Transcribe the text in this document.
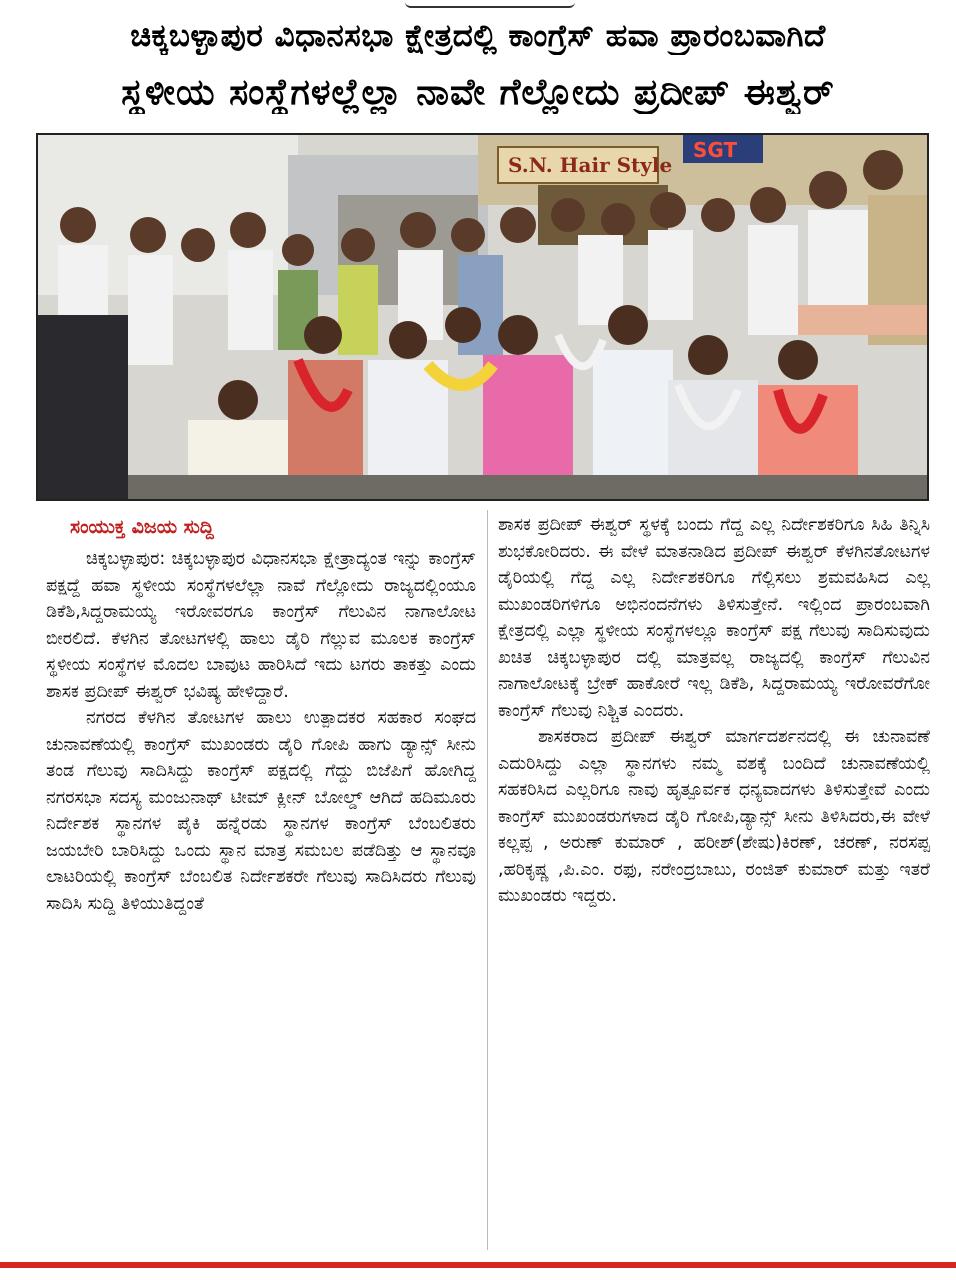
ಚಿಕ್ಕಬಳ್ಳಾಪುರ ವಿಧಾನಸಭಾ ಕ್ಷೇತ್ರದಲ್ಲಿ ಕಾಂಗ್ರೆಸ್ ಹವಾ ಪ್ರಾರಂಬವಾಗಿದೆ
ಸ್ಥಳೀಯ ಸಂಸ್ಥೆಗಳಲ್ಲೆಲ್ಲಾ ನಾವೇ ಗೆಲ್ಲೋದು ಪ್ರದೀಪ್ ಈಶ್ವರ್
S.N. Hair Style
SGT
ಸಂಯುಕ್ತ ವಿಜಯ ಸುದ್ದಿ

ಚಿಕ್ಕಬಳ್ಳಾಪುರ: ಚಿಕ್ಕಬಳ್ಳಾಪುರ ವಿಧಾನಸಭಾ ಕ್ಷೇತ್ರಾದ್ಯಂತ ಇನ್ನು ಕಾಂಗ್ರೆಸ್ ಪಕ್ಷದ್ದೆ ಹವಾ ಸ್ಥಳೀಯ ಸಂಸ್ಥೆಗಳಲೆಲ್ಲಾ ನಾವೆ ಗೆಲ್ಲೋದು ರಾಜ್ಯದಲ್ಲಿಂಯೂ ಡಿಕೆಶಿ,ಸಿದ್ದರಾಮಯ್ಯ ಇರೋವರಗೂ ಕಾಂಗ್ರೆಸ್ ಗೆಲುವಿನ ನಾಗಾಲೋಟ ಬೀರಲಿದೆ. ಕೆಳಗಿನ ತೋಟಗಳಲ್ಲಿ ಹಾಲು ಡೈರಿ ಗೆಲ್ಲುವ ಮೂಲಕ ಕಾಂಗ್ರೆಸ್ ಸ್ಥಳೀಯ ಸಂಸ್ಥೆಗಳ ಮೊದಲ ಬಾವುಟ ಹಾರಿಸಿದೆ ಇದು ಟಗರು ತಾಕತ್ತು ಎಂದು ಶಾಸಕ ಪ್ರದೀಪ್ ಈಶ್ವರ್ ಭವಿಷ್ಯ ಹೇಳಿದ್ದಾರೆ.

ನಗರದ ಕೆಳಗಿನ ತೋಟಗಳ ಹಾಲು ಉತ್ಪಾದಕರ ಸಹಕಾರ ಸಂಘದ ಚುನಾವಣೆಯಲ್ಲಿ ಕಾಂಗ್ರೆಸ್ ಮುಖಂಡರು ಡೈರಿ ಗೋಪಿ ಹಾಗು ಡ್ಯಾನ್ಸ್ ಸೀನು ತಂಡ ಗೆಲುವು ಸಾದಿಸಿದ್ದು ಕಾಂಗ್ರೆಸ್ ಪಕ್ಷದಲ್ಲಿ ಗೆದ್ದು ಬಿಜೆಪಿಗೆ ಹೋಗಿದ್ದ ನಗರಸಭಾ ಸದಸ್ಯ ಮಂಜುನಾಥ್ ಟೀಮ್ ಕ್ಲೀನ್ ಬೋಲ್ಡ್ ಆಗಿದೆ ಹದಿಮೂರು ನಿರ್ದೇಶಕ ಸ್ಥಾನಗಳ ಪೈಕಿ ಹನ್ನೆರಡು ಸ್ಥಾನಗಳ ಕಾಂಗ್ರೆಸ್ ಬೆಂಬಲಿತರು ಜಯಬೇರಿ ಬಾರಿಸಿದ್ದು ಒಂದು ಸ್ಥಾನ ಮಾತ್ರ ಸಮಬಲ ಪಡೆದಿತ್ತು ಆ ಸ್ಥಾನವೂ ಲಾಟರಿಯಲ್ಲಿ ಕಾಂಗ್ರೆಸ್ ಬೆಂಬಲಿತ ನಿರ್ದೇಶಕರೇ ಗೆಲುವು ಸಾದಿಸಿದರು ಗೆಲುವು ಸಾದಿಸಿ ಸುದ್ದಿ ತಿಳಿಯುತಿದ್ದಂತೆ

ಶಾಸಕ ಪ್ರದೀಪ್ ಈಶ್ವರ್ ಸ್ಥಳಕ್ಕೆ ಬಂದು ಗೆದ್ದ ಎಲ್ಲ ನಿರ್ದೇಶಕರಿಗೂ ಸಿಹಿ ತಿನ್ನಿಸಿ ಶುಭಕೋರಿದರು. ಈ ವೇಳೆ ಮಾತನಾಡಿದ ಪ್ರದೀಪ್ ಈಶ್ವರ್ ಕೆಳಗಿನತೋಟಗಳ ಡೈರಿಯಲ್ಲಿ ಗೆದ್ದ ಎಲ್ಲ ನಿರ್ದೇಶಕರಿಗೂ ಗೆಲ್ಲಿಸಲು ಶ್ರಮವಹಿಸಿದ ಎಲ್ಲ ಮುಖಂಡರಿಗಳಿಗೂ ಅಭಿನಂದನೆಗಳು ತಿಳಿಸುತ್ತೇನೆ. ಇಲ್ಲಿಂದ ಪ್ರಾರಂಬವಾಗಿ ಕ್ಷೇತ್ರದಲ್ಲಿ ಎಲ್ಲಾ ಸ್ಥಳೀಯ ಸಂಸ್ಥೆಗಳಲ್ಲೂ ಕಾಂಗ್ರೆಸ್ ಪಕ್ಷ ಗೆಲುವು ಸಾದಿಸುವುದು ಖಚಿತ ಚಿಕ್ಕಬಳ್ಳಾಪುರ ದಲ್ಲಿ ಮಾತ್ರವಲ್ಲ ರಾಜ್ಯದಲ್ಲಿ ಕಾಂಗ್ರೆಸ್ ಗೆಲುವಿನ ನಾಗಾಲೋಟಕ್ಕೆ ಬ್ರೇಕ್ ಹಾಕೋರೆ ಇಲ್ಲ ಡಿಕೆಶಿ, ಸಿದ್ದರಾಮಯ್ಯ ಇರೋವರೆಗೋ ಕಾಂಗ್ರೆಸ್ ಗೆಲುವು ನಿಶ್ಚಿತ ಎಂದರು.

ಶಾಸಕರಾದ ಪ್ರದೀಪ್ ಈಶ್ವರ್ ಮಾರ್ಗದರ್ಶನದಲ್ಲಿ ಈ ಚುನಾವಣೆ ಎದುರಿಸಿದ್ದು ಎಲ್ಲಾ ಸ್ಥಾನಗಳು ನಮ್ಮ ವಶಕ್ಕೆ ಬಂದಿದೆ ಚುನಾವಣೆಯಲ್ಲಿ ಸಹಕರಿಸಿದ ಎಲ್ಲರಿಗೂ ನಾವು ಹೃತ್ಪೂರ್ವಕ ಧನ್ಯವಾದಗಳು ತಿಳಿಸುತ್ತೇವೆ ಎಂದು ಕಾಂಗ್ರೆಸ್ ಮುಖಂಡರುಗಳಾದ ಡೈರಿ ಗೋಪಿ,ಡ್ಯಾನ್ಸ್ ಸೀನು ತಿಳಿಸಿದರು,ಈ ವೇಳೆ ಕಲ್ಲಪ್ಪ , ಅರುಣ್ ಕುಮಾರ್ , ಹರೀಶ್(ಶೇಷು)ಕಿರಣ್, ಚರಣ್, ನರಸಪ್ಪ ,ಹರಿಕೃಷ್ಣ ,ಪಿ.ಎಂ. ರಫು, ನರೇಂದ್ರಬಾಬು, ರಂಜಿತ್ ಕುಮಾರ್ ಮತ್ತು ಇತರೆ ಮುಖಂಡರು ಇದ್ದರು.
